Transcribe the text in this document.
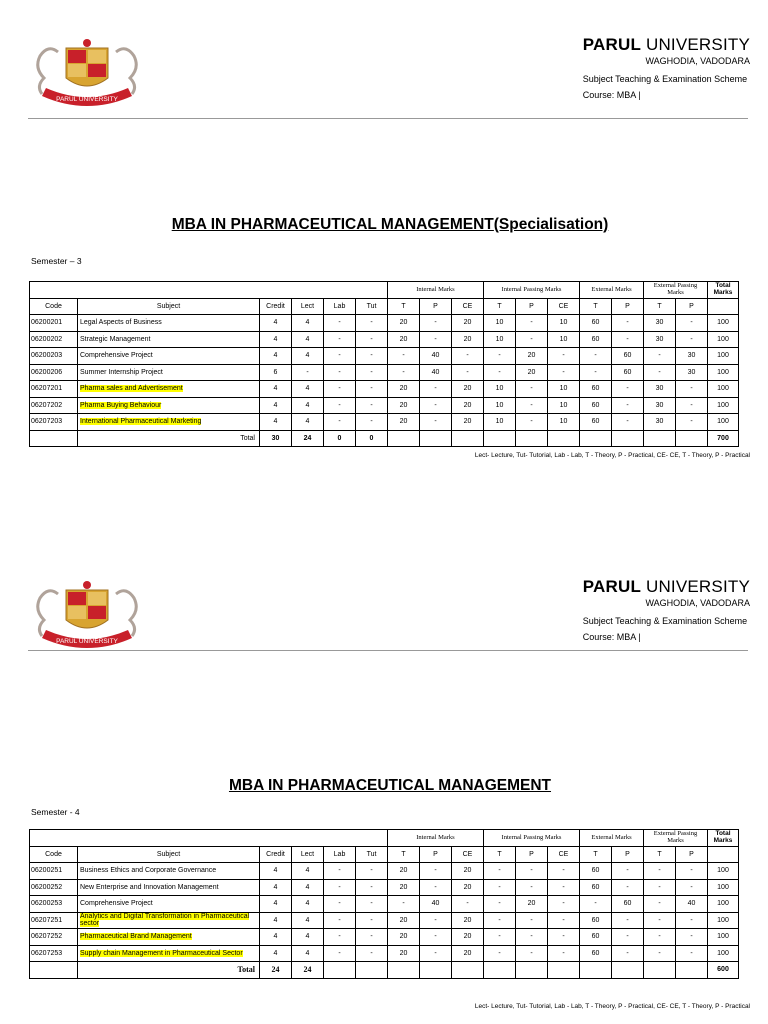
PARUL UNIVERSITY
PARUL UNIVERSITY
WAGHODIA, VADODARA
Subject Teaching & Examination Scheme
Course: MBA |
MBA IN PHARMACEUTICAL MANAGEMENT(Specialisation)
Semester – 3
						Internal Marks			Internal Passing Marks			External Marks		External Passing Marks		Total Marks
Code	Subject	Credit	Lect	Lab	Tut	T	P	CE	T	P	CE	T	P	T	P	
06200201	Legal Aspects of Business	4	4	-	-	20	-	20	10	-	10	60	-	30	-	100
06200202	Strategic Management	4	4	-	-	20	-	20	10	-	10	60	-	30	-	100
06200203	Comprehensive Project	4	4	-	-	-	40	-	-	20	-	-	60	-	30	100
06200206	Summer Internship Project	6	-	-	-	-	40	-	-	20	-	-	60	-	30	100
06207201	Pharma sales and Advertisement	4	4	-	-	20	-	20	10	-	10	60	-	30	-	100
06207202	Pharma Buying Behaviour	4	4	-	-	20	-	20	10	-	10	60	-	30	-	100
06207203	International Pharmaceutical Marketing	4	4	-	-	20	-	20	10	-	10	60	-	30	-	100
	Total	30	24	0	0											700
Lect- Lecture, Tut- Tutorial, Lab - Lab, T - Theory, P - Practical, CE- CE, T - Theory, P - Practical
PARUL UNIVERSITY
PARUL UNIVERSITY
WAGHODIA, VADODARA
Subject Teaching & Examination Scheme
Course: MBA |
MBA IN PHARMACEUTICAL MANAGEMENT
Semester - 4
						Internal Marks			Internal Passing Marks			External Marks		External Passing Marks		Total Marks
Code	Subject	Credit	Lect	Lab	Tut	T	P	CE	T	P	CE	T	P	T	P	
06200251	Business Ethics and Corporate Governance	4	4	-	-	20	-	20	-	-	-	60	-	-	-	100
06200252	New Enterprise and Innovation Management	4	4	-	-	20	-	20	-	-	-	60	-	-	-	100
06200253	Comprehensive Project	4	4	-	-	-	40	-	-	20	-	-	60	-	40	100
06207251	Analytics and Digital Transformation in Pharmaceutical sector	4	4	-	-	20	-	20	-	-	-	60	-	-	-	100
06207252	Pharmaceutical Brand Management	4	4	-	-	20	-	20	-	-	-	60	-	-	-	100
06207253	Supply chain Management in Pharmaceutical Sector	4	4	-	-	20	-	20	-	-	-	60	-	-	-	100
	Total	24	24													600
Lect- Lecture, Tut- Tutorial, Lab - Lab, T - Theory, P - Practical, CE- CE, T - Theory, P - Practical
